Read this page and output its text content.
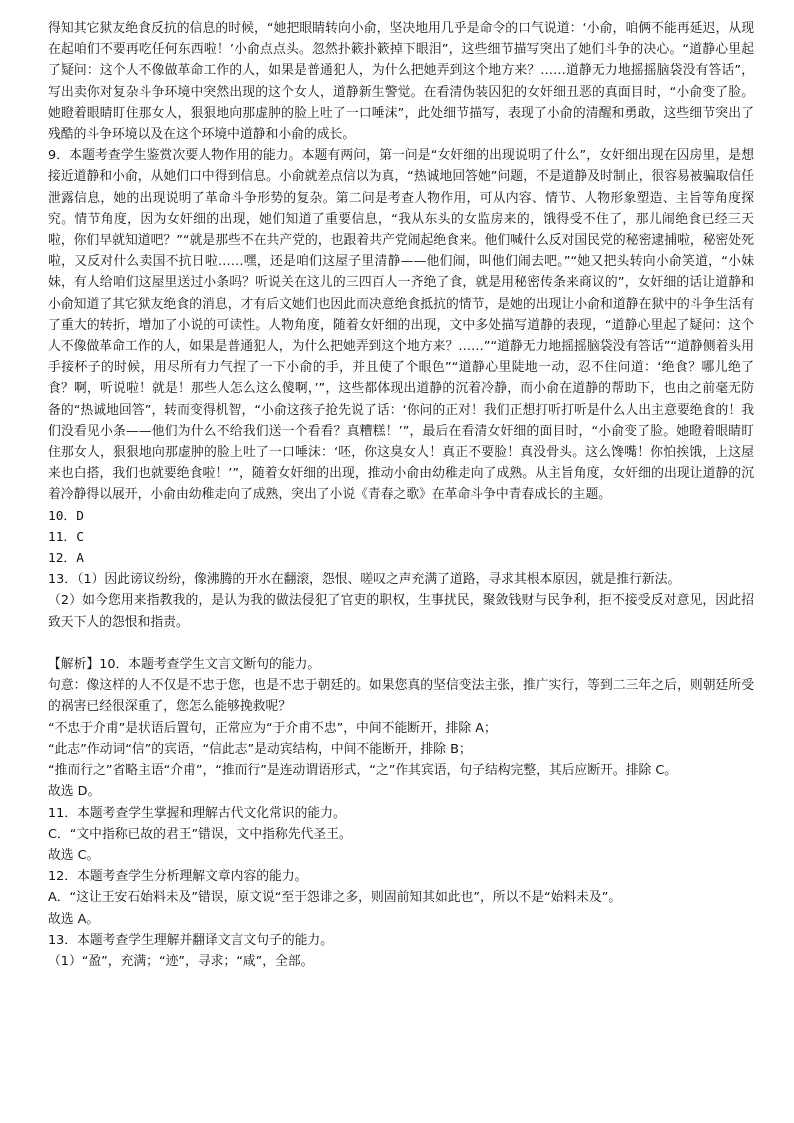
得知其它狱友绝食反抗的信息的时候，“她把眼睛转向小俞，坚决地用几乎是命令的口气说道：‘小俞，咱俩不能再延迟，从现在起咱们不要再吃任何东西啦！’小俞点点头。忽然扑簌扑簌掉下眼泪”，这些细节描写突出了她们斗争的决心。“道静心里起了疑问：这个人不像做革命工作的人，如果是普通犯人，为什么把她弄到这个地方来？……道静无力地摇摇脑袋没有答话”，写出卖你对复杂斗争环境中突然出现的这个女人，道静新生警觉。在看清伪装囚犯的女奸细丑恶的真面目时，“小俞变了脸。她瞪着眼睛盯住那女人，狠狠地向那虚肿的脸上吐了一口唾沫”，此处细节描写，表现了小俞的清醒和勇敢，这些细节突出了残酷的斗争环境以及在这个环境中道静和小俞的成长。

9．本题考查学生鉴赏次要人物作用的能力。本题有两问，第一问是“女奸细的出现说明了什么”，女奸细出现在囚房里，是想接近道静和小俞，从她们口中得到信息。小俞就差点信以为真，“热诚地回答她”问题，不是道静及时制止，很容易被骗取信任泄露信息，她的出现说明了革命斗争形势的复杂。第二问是考查人物作用，可从内容、情节、人物形象塑造、主旨等角度探究。情节角度，因为女奸细的出现，她们知道了重要信息，“我从东头的女监房来的，饿得受不住了，那儿闹绝食已经三天啦，你们早就知道吧？”“就是那些不在共产党的，也跟着共产党闹起绝食来。他们喊什么反对国民党的秘密逮捕啦，秘密处死啦，又反对什么卖国不抗日啦……嘿，还是咱们这屋子里清静——他们闹，叫他们闹去吧。”“她又把头转向小俞笑道，“小妹妹，有人给咱们这屋里送过小条吗？听说关在这儿的三四百人一齐绝了食，就是用秘密传条来商议的”，女奸细的话让道静和小俞知道了其它狱友绝食的消息，才有后文她们也因此而决意绝食抵抗的情节，是她的出现让小俞和道静在狱中的斗争生活有了重大的转折，增加了小说的可读性。人物角度，随着女奸细的出现，文中多处描写道静的表现，“道静心里起了疑问：这个人不像做革命工作的人，如果是普通犯人，为什么把她弄到这个地方来？……”“道静无力地摇摇脑袋没有答话”“道静侧着头用手接杯子的时候，用尽所有力气捏了一下小俞的手，并且使了个眼色”“道静心里陡地一动，忍不住问道：‘绝食？哪儿绝了食？啊，听说啦！就是！那些人怎么这么傻啊，’”，这些都体现出道静的沉着冷静，而小俞在道静的帮助下，也由之前毫无防备的“热诚地回答”，转而变得机智，“小俞这孩子抢先说了话：‘你问的正对！我们正想打听打听是什么人出主意要绝食的！我们没看见小条——他们为什么不给我们送一个看看？真糟糕！’”，最后在看清女奸细的面目时，“小俞变了脸。她瞪着眼睛盯住那女人，狠狠地向那虚肿的脸上吐了一口唾沫：‘呸，你这臭女人！真正不要脸！真没骨头。这么馋嘴！你怕挨饿，上这屋来也白搭，我们也就要绝食啦！’”，随着女奸细的出现，推动小俞由幼稚走向了成熟。从主旨角度，女奸细的出现让道静的沉着冷静得以展开，小俞由幼稚走向了成熟，突出了小说《青春之歌》在革命斗争中青春成长的主题。

10．D

11．C

12．A

13．（1）因此谤议纷纷，像沸腾的开水在翻滚，怨恨、嗟叹之声充满了道路，寻求其根本原因，就是推行新法。

（2）如今您用来指教我的，是认为我的做法侵犯了官吏的职权，生事扰民，聚敛钱财与民争利，拒不接受反对意见，因此招致天下人的怨恨和指责。

【解析】10．本题考查学生文言文断句的能力。

句意：像这样的人不仅是不忠于您，也是不忠于朝廷的。如果您真的坚信变法主张，推广实行，等到二三年之后，则朝廷所受的祸害已经很深重了，您怎么能够挽救呢？

“不忠于介甫”是状语后置句，正常应为“于介甫不忠”，中间不能断开，排除 A；

“此志”作动词“信”的宾语，“信此志”是动宾结构，中间不能断开，排除 B；

“推而行之”省略主语“介甫”，“推而行”是连动谓语形式，“之”作其宾语，句子结构完整，其后应断开。排除 C。

故选 D。

11．本题考查学生掌握和理解古代文化常识的能力。

C．“文中指称已故的君王”错误，文中指称先代圣王。

故选 C。

12．本题考查学生分析理解文章内容的能力。

A．“这让王安石始料未及”错误，原文说“至于怨诽之多，则固前知其如此也”，所以不是“始料未及”。

故选 A。

13．本题考查学生理解并翻译文言文句子的能力。

（1）“盈”，充满；“迹”，寻求；“咸”，全部。
